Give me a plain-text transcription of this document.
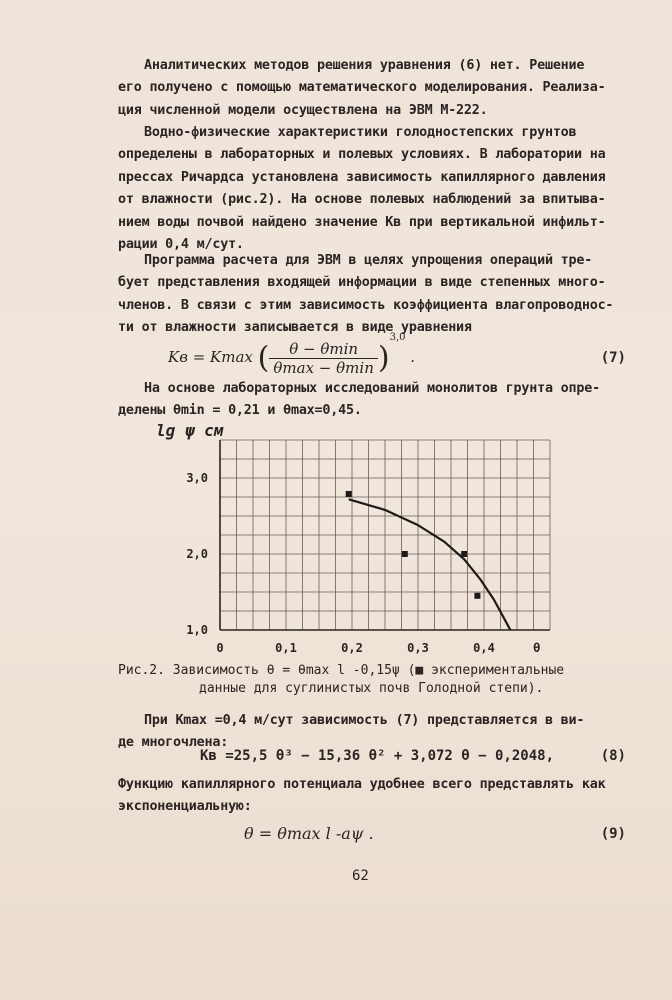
Аналитических методов решения уравнения (6) нет. Решение
его получено с помощью математического моделирования. Реализа-
ция численной модели осуществлена на ЭВМ М-222.
Водно-физические характеристики голодностепских грунтов
определены в лабораторных и полевых условиях. В лаборатории на
прессах Ричардса установлена зависимость капиллярного давления
от влажности (рис.2). На основе полевых наблюдений за впитыва-
нием воды почвой найдено значение Kв при вертикальной инфильт-
рации 0,4 м/сут.
Программа расчета для ЭВМ в целях упрощения операций тре-
бует представления входящей информации в виде степенных много-
членов. В связи с этим зависимость коэффициента влагопроводнос-
ти от влажности записывается в виде уравнения
Kв = Kmax ( $\frac{\theta - \theta\min}{\theta\max - \theta\min} )^{3,0}$ .	(7)
На основе лабораторных исследований монолитов грунта опре-
делены θmin = 0,21 и θmax=0,45.
0	0,1	0,2	0,3	0,4	θ
1,0
2,0
3,0
lg ψ см
Рис.2. Зависимость θ = θmax l -0,15ψ (■ экспериментальные
данные для суглинистых почв Голодной степи).
При Kmax =0,4 м/сут зависимость (7) представляется в ви-
де многочлена:
Kв =25,5 θ³ − 15,36 θ² + 3,072 θ − 0,2048,	(8)
Функцию капиллярного потенциала удобнее всего представлять как
экспоненциальную:
θ = θmax l -aψ .	(9)
62
